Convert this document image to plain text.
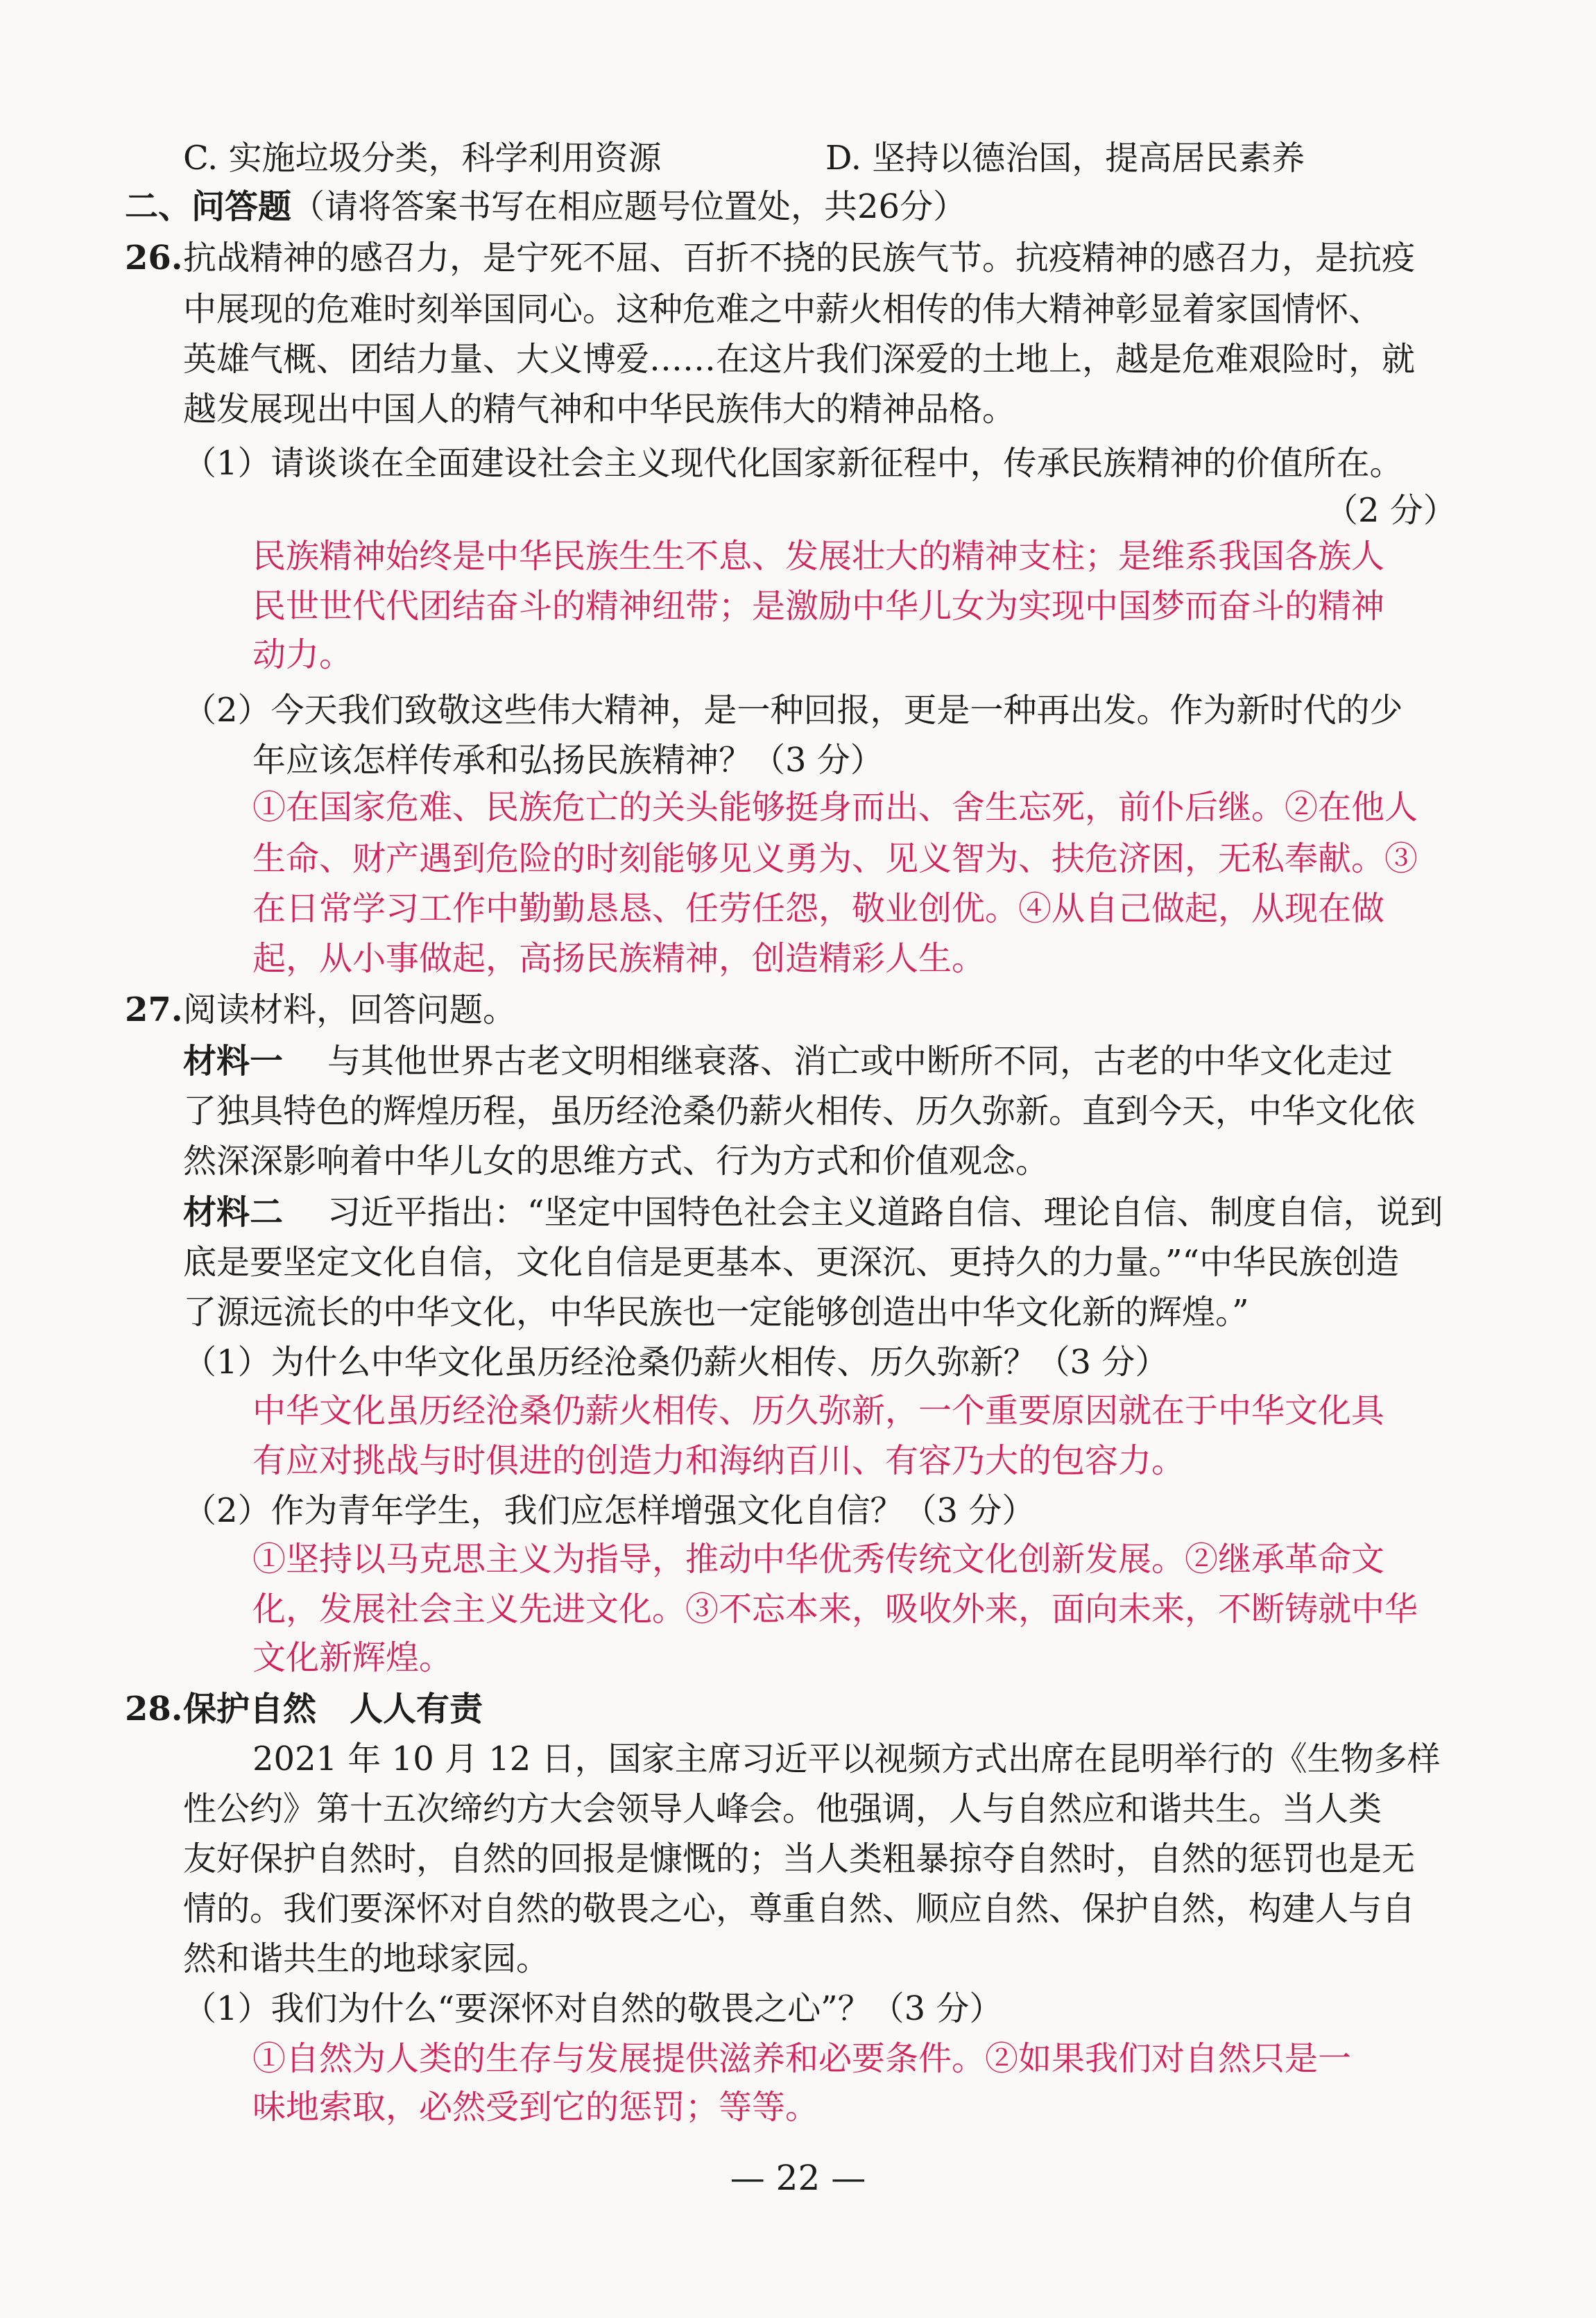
C. 实施垃圾分类，科学利用资源	D. 坚持以德治国，提高居民素养
二、问答题（请将答案书写在相应题号位置处，共26分）
26. 抗战精神的感召力，是宁死不屈、百折不挠的民族气节。抗疫精神的感召力，是抗疫
中展现的危难时刻举国同心。这种危难之中薪火相传的伟大精神彰显着家国情怀、
英雄气概、团结力量、大义博爱……在这片我们深爱的土地上，越是危难艰险时，就
越发展现出中国人的精气神和中华民族伟大的精神品格。
（1）请谈谈在全面建设社会主义现代化国家新征程中，传承民族精神的价值所在。
（2 分）
民族精神始终是中华民族生生不息、发展壮大的精神支柱；是维系我国各族人
民世世代代团结奋斗的精神纽带；是激励中华儿女为实现中国梦而奋斗的精神
动力。
（2）今天我们致敬这些伟大精神，是一种回报，更是一种再出发。作为新时代的少
年应该怎样传承和弘扬民族精神？（3 分）
①在国家危难、民族危亡的关头能够挺身而出、舍生忘死，前仆后继。②在他人
生命、财产遇到危险的时刻能够见义勇为、见义智为、扶危济困，无私奉献。③
在日常学习工作中勤勤恳恳、任劳任怨，敬业创优。④从自己做起，从现在做
起，从小事做起，高扬民族精神，创造精彩人生。
27. 阅读材料，回答问题。
材料一 与其他世界古老文明相继衰落、消亡或中断所不同，古老的中华文化走过
了独具特色的辉煌历程，虽历经沧桑仍薪火相传、历久弥新。直到今天，中华文化依
然深深影响着中华儿女的思维方式、行为方式和价值观念。
材料二 习近平指出：“坚定中国特色社会主义道路自信、理论自信、制度自信，说到
底是要坚定文化自信，文化自信是更基本、更深沉、更持久的力量。”“中华民族创造
了源远流长的中华文化，中华民族也一定能够创造出中华文化新的辉煌。”
（1）为什么中华文化虽历经沧桑仍薪火相传、历久弥新？（3 分）
中华文化虽历经沧桑仍薪火相传、历久弥新，一个重要原因就在于中华文化具
有应对挑战与时俱进的创造力和海纳百川、有容乃大的包容力。
（2）作为青年学生，我们应怎样增强文化自信？（3 分）
①坚持以马克思主义为指导，推动中华优秀传统文化创新发展。②继承革命文
化，发展社会主义先进文化。③不忘本来，吸收外来，面向未来，不断铸就中华
文化新辉煌。
28. 保护自然　人人有责
2021 年 10 月 12 日，国家主席习近平以视频方式出席在昆明举行的《生物多样
性公约》第十五次缔约方大会领导人峰会。他强调，人与自然应和谐共生。当人类
友好保护自然时，自然的回报是慷慨的；当人类粗暴掠夺自然时，自然的惩罚也是无
情的。我们要深怀对自然的敬畏之心，尊重自然、顺应自然、保护自然，构建人与自
然和谐共生的地球家园。
（1）我们为什么“要深怀对自然的敬畏之心”？（3 分）
①自然为人类的生存与发展提供滋养和必要条件。②如果我们对自然只是一
味地索取，必然受到它的惩罚；等等。
— 22 —
